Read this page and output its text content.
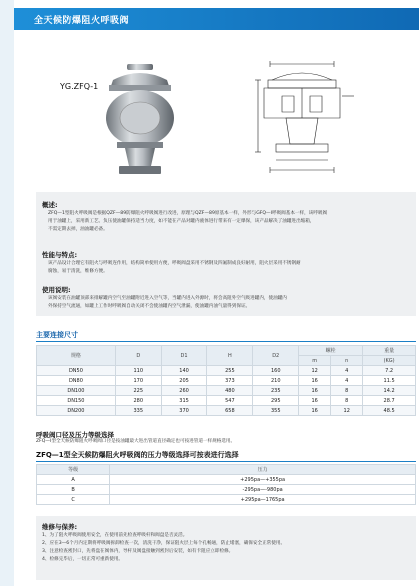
全天候防爆阻火呼吸阀
YG.ZFQ-1
概述:
ZFQ—1型阻火呼吸阀是根据QZF—89防爆阻火呼吸阀进行改进，原理与QZF—89原基本一样，外形与GFQ—I呼吸阀基本一样，该呼吸阀
用于油罐上，采用新工艺、负压使油罐保持适当力度，如不能在产品对罐内液体进行带来有一定爆保，该产品解决了油罐进出缩箱，
不需定期去掉，油油罐必备。
性能与特点:
该产品设计合理它有阻火与呼吸连作用，结构简单使用方便，呼吸阀盘采用不锈钢及四氟制成良好耐用，阻火层采用不锈钢耐
腐蚀，易于清洗，维修方便。
使用说明:
该阀安装在油罐顶部来排解罐内空气至油罐附近进入空气等，当罐内进入外源时，将会高阻外空气吸进罐内，使油罐内
外保持空气流通，如罐上工作时呼吸阀自动关闭不会使油罐内空气泄漏，使油罐内油气量得到保证。
主要连接尺寸
规格	D	D1	H	D2	螺栓		重量
					m	n	(KG)
DN50	110	140	255	160	12	4	7.2
DN80	170	205	373	210	16	4	11.5
DN100	225	260	480	235	16	8	14.2
DN150	280	315	547	295	16	8	28.7
DN200	335	370	658	355	16	12	48.5
呼吸阀口径及压力等级选择
ZFQ—I型全天候防爆阻火呼吸阀口径是按油罐最大进出管道直径确定也可按进管道一样规格选用。
ZFQ—1型全天候防爆阻火呼吸阀的压力等级选择可按表进行选择
等级	压力
A	+295pa—+355pa
B	-295pa—-980pa
C	+295pa—1765pa
维修与保养:
1、为了阻火呼吸阀使用安全，在使用前先检查呼吸杆和阀盘是否灵活。
2、应在3—6个月内定期将呼吸阀拆卸检查一次，清洗干净，保证阻火层上每个孔畅通，防止堵塞，确保安全正常使用。
3、注意检查密封口，先将盘在阀体内，导杆及阀盘接触到密封后安装，如有卡阻应立即检修。
4、检修完毕后，一切正常可重新使用。
